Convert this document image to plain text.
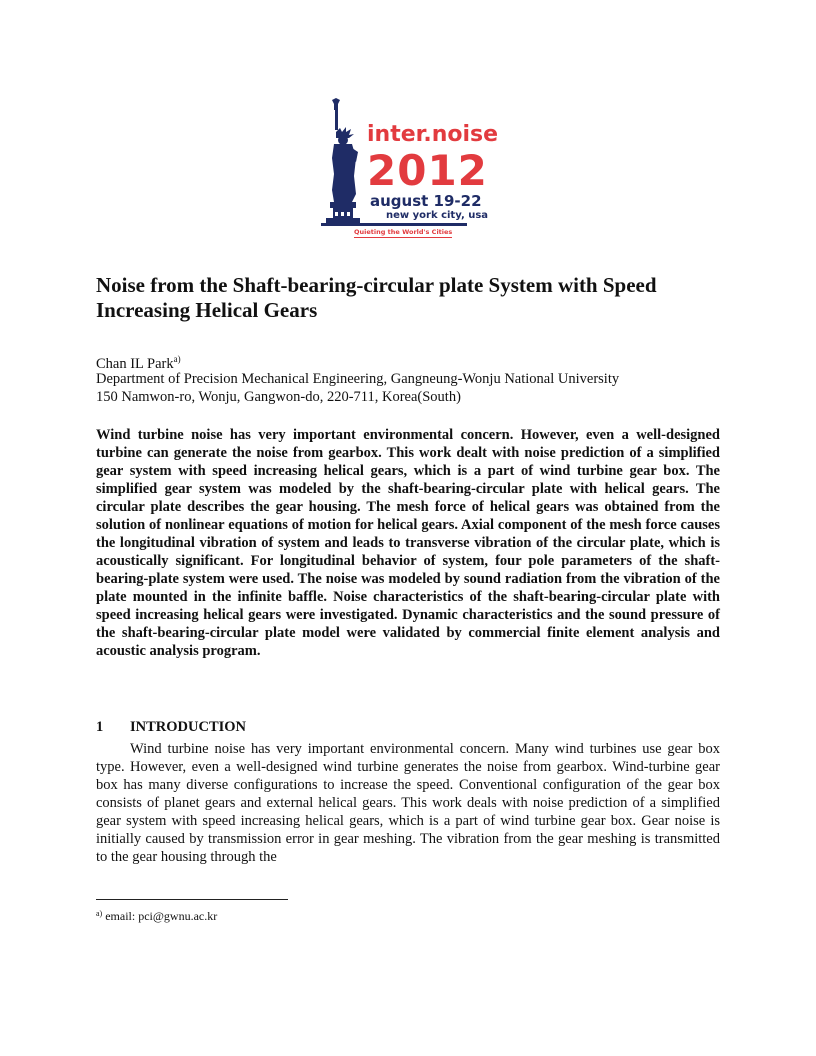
inter.noise
2012
august 19-22
new york city, usa
Quieting the World's Cities
Noise from the Shaft-bearing-circular plate System with Speed Increasing Helical Gears
Chan IL Park$^{a)}$
Department of Precision Mechanical Engineering, Gangneung-Wonju National University
150 Namwon-ro, Wonju, Gangwon-do, 220-711, Korea(South)

Wind turbine noise has very important environmental concern. However, even a well-designed turbine can generate the noise from gearbox. This work dealt with noise prediction of a simplified gear system with speed increasing helical gears, which is a part of wind turbine gear box. The simplified gear system was modeled by the shaft-bearing-circular plate with helical gears. The circular plate describes the gear housing. The mesh force of helical gears was obtained from the solution of nonlinear equations of motion for helical gears. Axial component of the mesh force causes the longitudinal vibration of system and leads to transverse vibration of the circular plate, which is acoustically significant. For longitudinal behavior of system, four pole parameters of the shaft-bearing-plate system were used. The noise was modeled by sound radiation from the vibration of the plate mounted in the infinite baffle. Noise characteristics of the shaft-bearing-circular plate with speed increasing helical gears were investigated. Dynamic characteristics and the sound pressure of the shaft-bearing-circular plate model were validated by commercial finite element analysis and acoustic analysis program.

1 INTRODUCTION

Wind turbine noise has very important environmental concern. Many wind turbines use gear box type. However, even a well-designed wind turbine generates the noise from gearbox. Wind-turbine gear box has many diverse configurations to increase the speed. Conventional configuration of the gear box consists of planet gears and external helical gears. This work deals with noise prediction of a simplified gear system with speed increasing helical gears, which is a part of wind turbine gear box. Gear noise is initially caused by transmission error in gear meshing. The vibration from the gear meshing is transmitted to the gear housing through the

$^{a)}$ email: pci@gwnu.ac.kr
